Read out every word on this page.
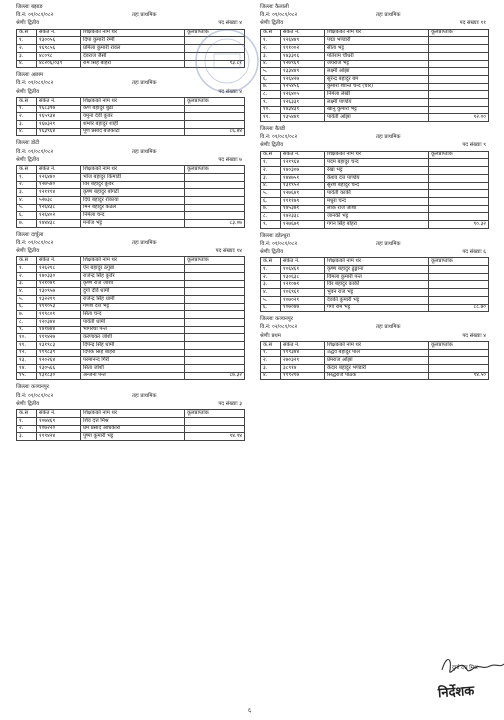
जिल्लाः बझाङ
वि.नं: ०१/०८१/०८२	तहः प्राथमिक
श्रेणीः द्वितीय	पद संख्याः ४
क.स	संकेत नं.	शिक्षकको नाम थर	कूलप्राप्तांक
१.	१३००५६	दिपा कुमारी रेग्मी	
२.	१६९८५६	प्रमिला कुमारी रावल	
३.	४८०९८	देवराज जैसी	
४.	४८२०६/०३९	राम सिंह बोहरा	९३.८१
जिल्लाः अछाम
वि.नं: ०१/०८१/०८२	तहः प्राथमिक
श्रेणीः द्वितीय	पद संख्याः ४
क.स	संकेत नं.	शिक्षकको नाम थर	कूलप्राप्तांक
१.	१६८३९७	कर्ण बहादुर बुढा	
२.	१६५९३४	यमुना देवी कुवर	
३.	१६७३२१	शम्शेर बहादुर शाही	
४.	१६३९६४	पूर्ण प्रसाद बैजकोटी	८६.४४
जिल्लाः डोटी
वि.नं: ०१/०८१/०८२	तहः प्राथमिक
श्रेणीः द्वितीय	पद संख्याः ७
क.स	संकेत नं.	शिक्षकको नाम थर	कूलप्राप्तांक
१.	१२६४४०	भोज बहादुर किमाडी	
२.	१२७५४०	विर बहादुर कुवँर	
३.	१२१११४	कृष्ण बहादुर बोगटी	
४.	५२७३८	दिर्घ बहादुर रोकाया	
५.	१२६४३८	मिन बहादुर कठेल	
६.	१२६४०२	निर्मला चन्द	
७.	१४४४३८	मनोज भट्ट	८३.०७
जिल्लाः दार्चुला
वि.नं: ०१/०८१/०८२	तहः प्राथमिक
श्रेणीः द्वितीय	पद संख्याः १४
क.स	संकेत नं.	शिक्षकको नाम थर	कूलप्राप्तांक
१.	१२६२१८	ऐन बहादुर ठगुन्ना	
२.	१४०३३०	राजेन्द्र सिंह कुवँर	
३.	१२१०४१	कृष्ण राज जोशी	
४.	१३०९५७	दुर्गा देवि धामी	
५.	१३२२१९	राजेन्द्र सिंह धामी	
६.	११९०५३	गणेश दत्त भट्ट	
७.	११९८०१	सिता चन्द	
८.	१२०३४४	पार्वती धामी	
९.	१४१७४४	भागरथी पन्त	
१०.	११९४२७	करणाकर जोशी	
११.	१३१९८३	दिपेन्द्र सिंह धामी	
१२.	११९८३९	दिपक सिंह बोहरा	
१३.	१२०२६४	परमानन्द गिरी	
१४.	१३०५६६	सिता जोशी	
१५.	१३१८३०	अन्जनी पन्त	८७.३२
जिल्लाः कञ्चनपुर
वि.नं: ०१/०८१/०८२	तहः प्राथमिक
श्रेणीः द्वितीय	पद संख्याः ३
क.स	संकेत नं.	शिक्षकको नाम थर	कूलप्राप्तांक
१.	१०७४६९	शिव दत्त मिश्र	
२.	१०७२२०	प्रेम प्रसाद अधिकारी	
३.	११९४२४	पुष्पा कुमारी भट्ट	९४.९४
जिल्लाः कैलाली
वि.नं: ०१/०८१/०८२	तहः प्राथमिक
श्रेणीः द्वितीय	पद संख्याः ११
क.स	संकेत नं.	शिक्षकको नाम थर	कूलप्राप्तांक
१.	१२६४४९	पद्मा भण्डारी	
२.	१११००२	सीता भट्ट	
३.	१४३३१६	पतिराम चौधरी	
४.	१२७९६९	जयराज भट्ट	
५.	१३३४४९	लक्ष्मी ओझा	
६.	१२६४२७	सुरेन्द्र बहादुर बम	
७.	१२५४५६	कुमारी शान्ति चन्द (चार)	
८.	१२६४०५	निर्मला लेखी	
९.	१२६३३१	लक्ष्मी पाण्डेय	
१०.	१४३४३१	खानु कुमारी भट्ट	
११.	१३५४४१	पार्वती ओझा	९२.००
जिल्लाः बैतडी
वि.नं: ०१/०८१/०८२	तहः प्राथमिक
श्रेणीः द्वितीय	पद संख्याः ९
क.स	संकेत नं.	शिक्षकको नाम थर	कूलप्राप्तांक
१.	१२१९६४	पदम बहादुर चन्द	
२.	१४०३०७	रेखा भट्ट	
३.	१४४७५१	केशव दत्त पाण्डेय	
४.	१३१९५२	सुरेश बहादुर चन्द	
५.	१२७६४१	पार्वती कार्की	
६.	११११७९	मधुरा चन्द	
७.	१४५३७१	लोक राज जोशी	
८.	१४२३३८	जानकी भट्ट	
९.	१२७६७१	गगन सिंह बोहरा	९०.३२
जिल्लाः डडेल्धुरा
वि.नं: ०१/०८१/०८२	तहः प्राथमिक
श्रेणीः द्वितीय	पद संख्याः ६
क.स	संकेत नं.	शिक्षकको नाम थर	कूलप्राप्तांक
१.	१०६४६१	कृष्ण बहादुर ढुङ्गाना	
२.	१३०६३८	विमला कुमारी पन्त	
३.	१२१०७१	विर बहादुर कार्की	
४.	१०६९६१	भुवन राज भट्ट	
५.	१०७०२१	देवकी कुमारी भट्ट	
६.	१०७०४७	गंगा राम भट्ट	८८.७०
जिल्लाः कञ्चनपुर
वि.नं: ०२/०८१/०८२	तहः प्राथमिक
श्रेणीः प्रथम	पद संख्याः ४
क.स	संकेत नं.	शिक्षकको नाम थर	कूलप्राप्तांक
१.	११९३४४	उद्धव बहादुर पाल	
२.	२७०३२१	प्रेमराज ओझा	
३.	३८९१४	केदार बहादुर भण्डारी	
४.	११९२१७	सिद्धराज पाठक	९४.५०
दुर्गा दत्त मिश्र
निर्देशक
६
